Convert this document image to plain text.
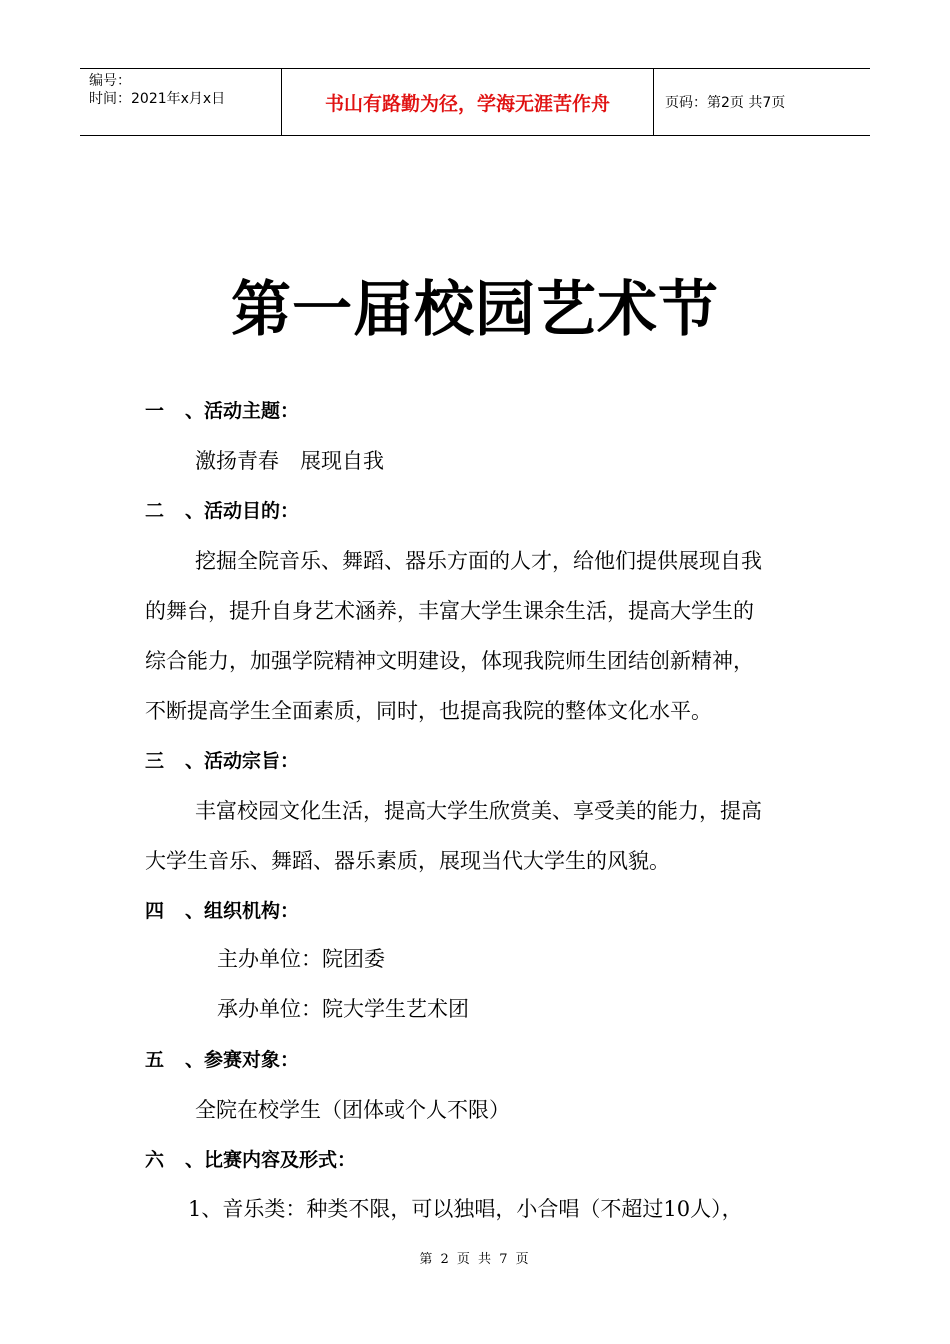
编号：
时间：2021年x月x日	书山有路勤为径，学海无涯苦作舟	页码：第2页 共7页
第一届校园艺术节
一 、活动主题：
激扬青春　展现自我
二 、活动目的：
挖掘全院音乐、舞蹈、器乐方面的人才，给他们提供展现自我
的舞台，提升自身艺术涵养，丰富大学生课余生活，提高大学生的
综合能力，加强学院精神文明建设，体现我院师生团结创新精神，
不断提高学生全面素质，同时，也提高我院的整体文化水平。
三 、活动宗旨：
丰富校园文化生活，提高大学生欣赏美、享受美的能力，提高
大学生音乐、舞蹈、器乐素质，展现当代大学生的风貌。
四 、组织机构：
主办单位：院团委
承办单位：院大学生艺术团
五 、参赛对象：
全院在校学生（团体或个人不限）
六 、比赛内容及形式：
1、音乐类：种类不限，可以独唱，小合唱（不超过10人），
第 2 页 共 7 页
